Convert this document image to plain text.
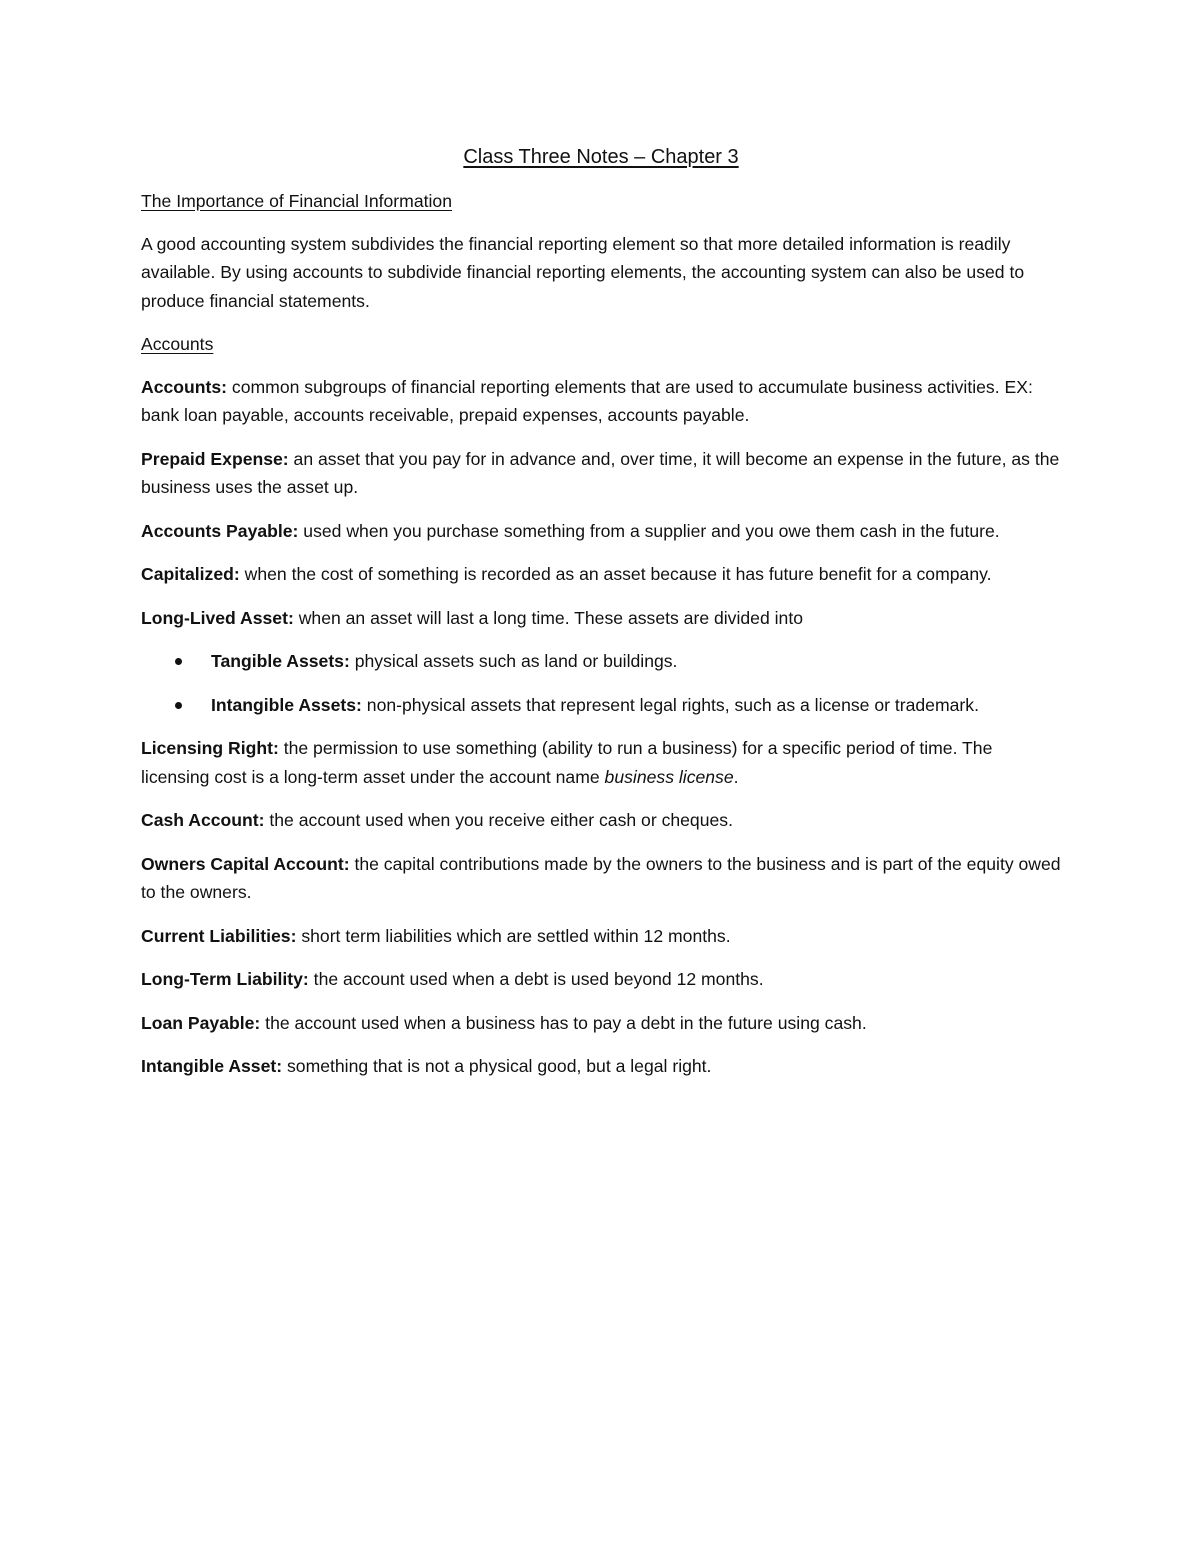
Class Three Notes – Chapter 3
The Importance of Financial Information

A good accounting system subdivides the financial reporting element so that more detailed information is readily available. By using accounts to subdivide financial reporting elements, the accounting system can also be used to produce financial statements.

Accounts

Accounts: common subgroups of financial reporting elements that are used to accumulate business activities. EX: bank loan payable, accounts receivable, prepaid expenses, accounts payable.

Prepaid Expense: an asset that you pay for in advance and, over time, it will become an expense in the future, as the business uses the asset up.

Accounts Payable: used when you purchase something from a supplier and you owe them cash in the future.

Capitalized: when the cost of something is recorded as an asset because it has future benefit for a company.

Long-Lived Asset: when an asset will last a long time. These assets are divided into

Tangible Assets: physical assets such as land or buildings.
Intangible Assets: non-physical assets that represent legal rights, such as a license or trademark.

Licensing Right: the permission to use something (ability to run a business) for a specific period of time. The licensing cost is a long-term asset under the account name business license.

Cash Account: the account used when you receive either cash or cheques.

Owners Capital Account: the capital contributions made by the owners to the business and is part of the equity owed to the owners.

Current Liabilities: short term liabilities which are settled within 12 months.

Long-Term Liability: the account used when a debt is used beyond 12 months.

Loan Payable: the account used when a business has to pay a debt in the future using cash.

Intangible Asset: something that is not a physical good, but a legal right.
